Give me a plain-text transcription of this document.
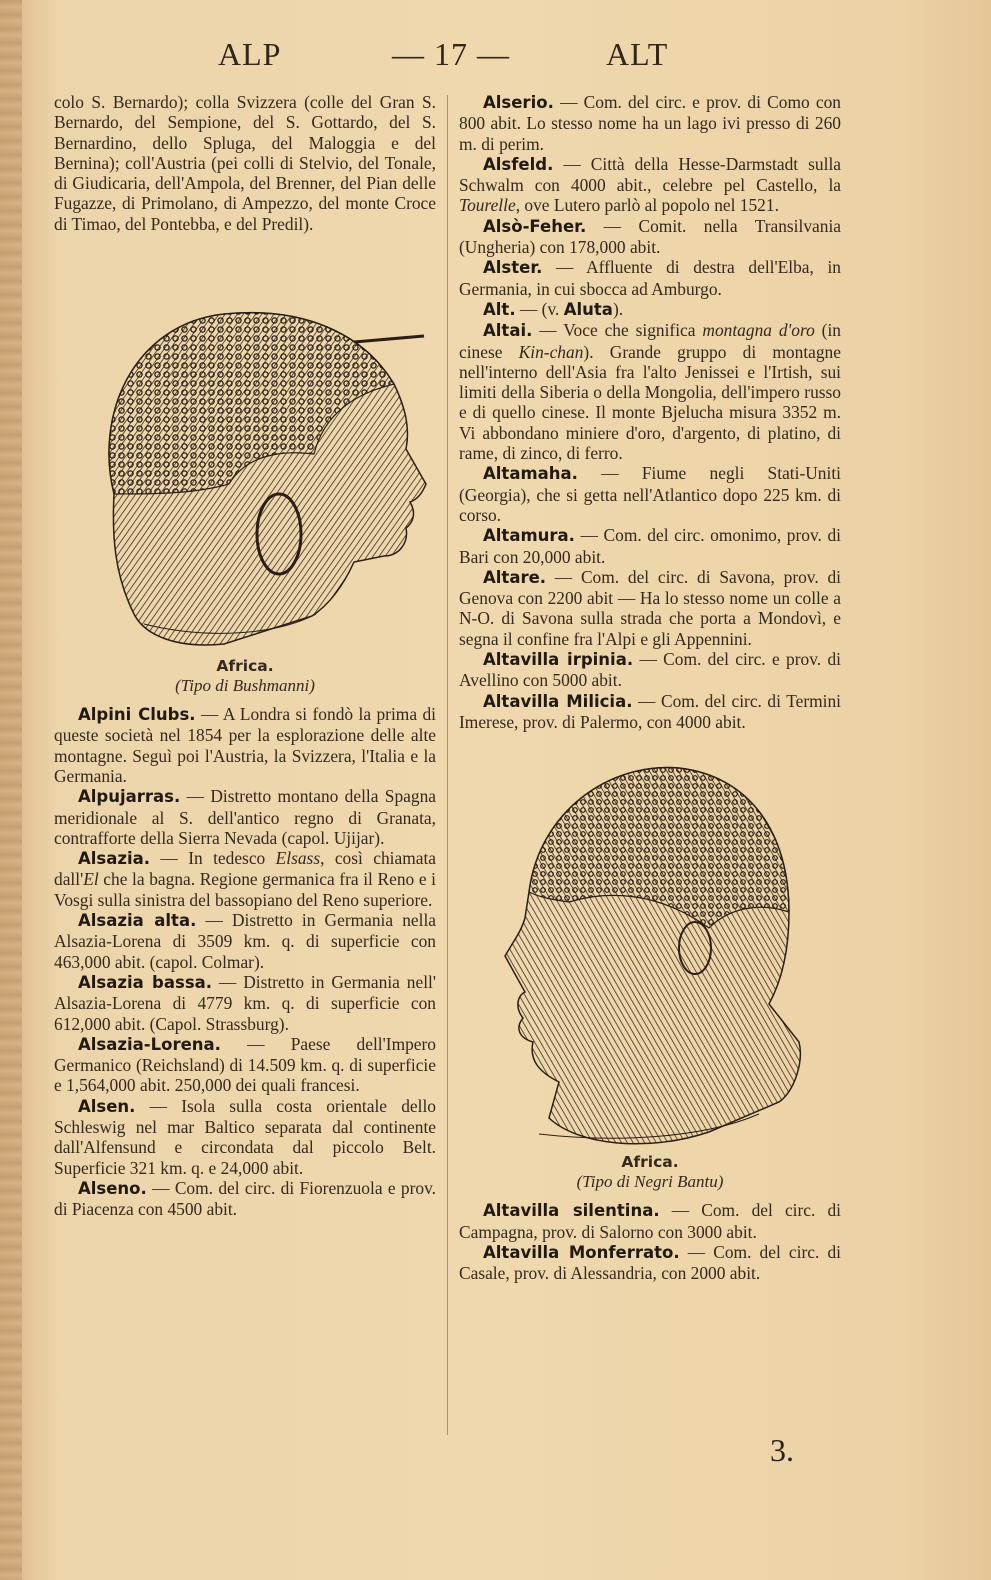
ALP	— 17 —	ALT

colo S. Bernardo); colla Svizzera (colle del Gran S. Bernardo, del Sempione, del S. Gottardo, del S. Bernardino, dello Spluga, del Maloggia e del Bernina); coll'Austria (pei colli di Stelvio, del Tonale, di Giudicaria, dell'Ampola, del Brenner, del Pian delle Fugazze, di Primolano, di Ampezzo, del monte Croce di Timao, del Pontebba, e del Predil).

Africa.
(Tipo di Bushmanni)

Alpini Clubs. — A Londra si fondò la prima di queste società nel 1854 per la esplorazione delle alte montagne. Seguì poi l'Austria, la Svizzera, l'Italia e la Germania.

Alpujarras. — Distretto montano della Spagna meridionale al S. dell'antico regno di Granata, contrafforte della Sierra Nevada (capol. Ujijar).

Alsazia. — In tedesco Elsass, così chiamata dall'El che la bagna. Regione germanica fra il Reno e i Vosgi sulla sinistra del bassopiano del Reno superiore.

Alsazia alta. — Distretto in Germania nella Alsazia-Lorena di 3509 km. q. di superficie con 463,000 abit. (capol. Colmar).

Alsazia bassa. — Distretto in Germania nell' Alsazia-Lorena di 4779 km. q. di superficie con 612,000 abit. (Capol. Strassburg).

Alsazia-Lorena. — Paese dell'Impero Germanico (Reichsland) di 14.509 km. q. di superficie e 1,564,000 abit. 250,000 dei quali francesi.

Alsen. — Isola sulla costa orientale dello Schleswig nel mar Baltico separata dal continente dall'Alfensund e circondata dal piccolo Belt. Superficie 321 km. q. e 24,000 abit.

Alseno. — Com. del circ. di Fiorenzuola e prov. di Piacenza con 4500 abit.

Alserio. — Com. del circ. e prov. di Como con 800 abit. Lo stesso nome ha un lago ivi presso di 260 m. di perim.

Alsfeld. — Città della Hesse-Darmstadt sulla Schwalm con 4000 abit., celebre pel Castello, la Tourelle, ove Lutero parlò al popolo nel 1521.

Alsò-Feher. — Comit. nella Transilvania (Ungheria) con 178,000 abit.

Alster. — Affluente di destra dell'Elba, in Germania, in cui sbocca ad Amburgo.

Alt. — (v. Aluta).

Altai. — Voce che significa montagna d'oro (in cinese Kin-chan). Grande gruppo di montagne nell'interno dell'Asia fra l'alto Jenissei e l'Irtish, sui limiti della Siberia o della Mongolia, dell'impero russo e di quello cinese. Il monte Bjelucha misura 3352 m. Vi abbondano miniere d'oro, d'argento, di platino, di rame, di zinco, di ferro.

Altamaha. — Fiume negli Stati-Uniti (Georgia), che si getta nell'Atlantico dopo 225 km. di corso.

Altamura. — Com. del circ. omonimo, prov. di Bari con 20,000 abit.

Altare. — Com. del circ. di Savona, prov. di Genova con 2200 abit — Ha lo stesso nome un colle a N-O. di Savona sulla strada che porta a Mondovì, e segna il confine fra l'Alpi e gli Appennini.

Altavilla irpinia. — Com. del circ. e prov. di Avellino con 5000 abit.

Altavilla Milicia. — Com. del circ. di Termini Imerese, prov. di Palermo, con 4000 abit.

Africa.
(Tipo di Negri Bantu)

Altavilla silentina. — Com. del circ. di Campagna, prov. di Salorno con 3000 abit.

Altavilla Monferrato. — Com. del circ. di Casale, prov. di Alessandria, con 2000 abit.

3.
